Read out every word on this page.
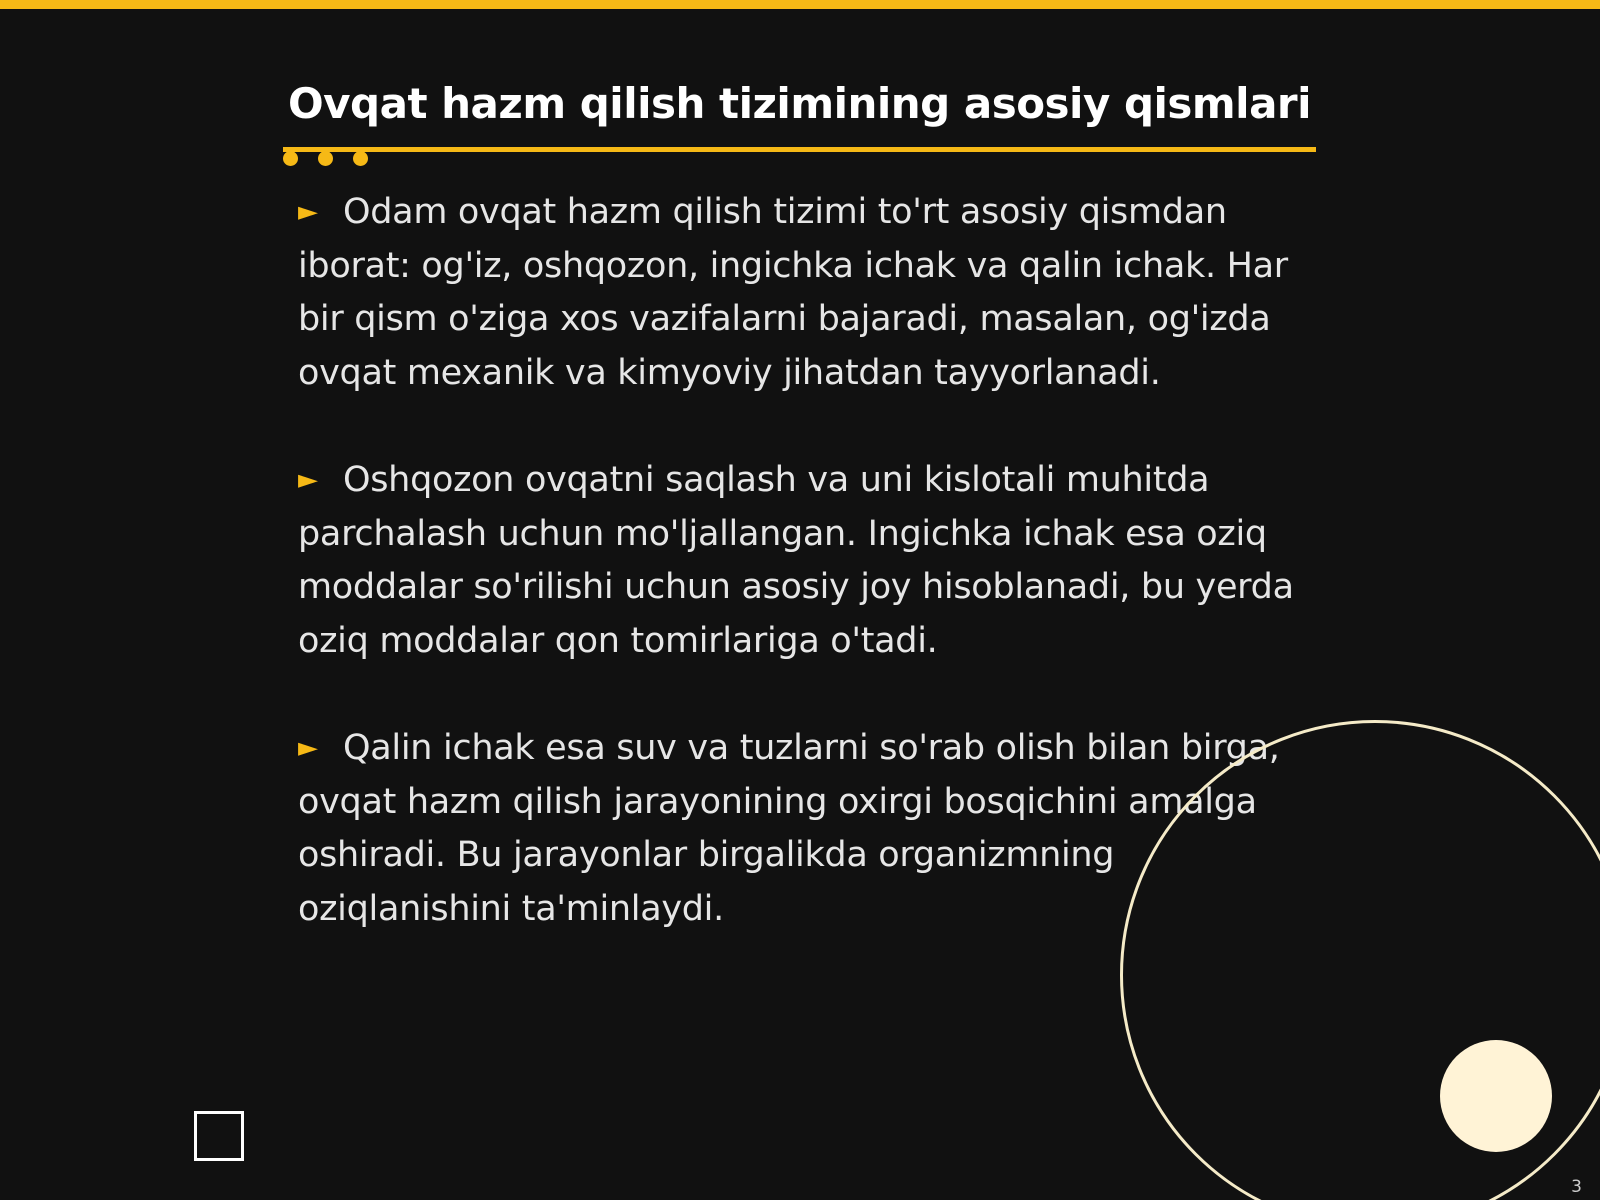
Ovqat hazm qilish tizimining asosiy qismlari
► Odam ovqat hazm qilish tizimi to'rt asosiy qismdan iborat: og'iz, oshqozon, ingichka ichak va qalin ichak. Har bir qism o'ziga xos vazifalarni bajaradi, masalan, og'izda ovqat mexanik va kimyoviy jihatdan tayyorlanadi.
► Oshqozon ovqatni saqlash va uni kislotali muhitda parchalash uchun mo'ljallangan. Ingichka ichak esa oziq moddalar so'rilishi uchun asosiy joy hisoblanadi, bu yerda oziq moddalar qon tomirlariga o'tadi.
► Qalin ichak esa suv va tuzlarni so'rab olish bilan birga, ovqat hazm qilish jarayonining oxirgi bosqichini amalga oshiradi. Bu jarayonlar birgalikda organizmning oziqlanishini ta'minlaydi.
3
